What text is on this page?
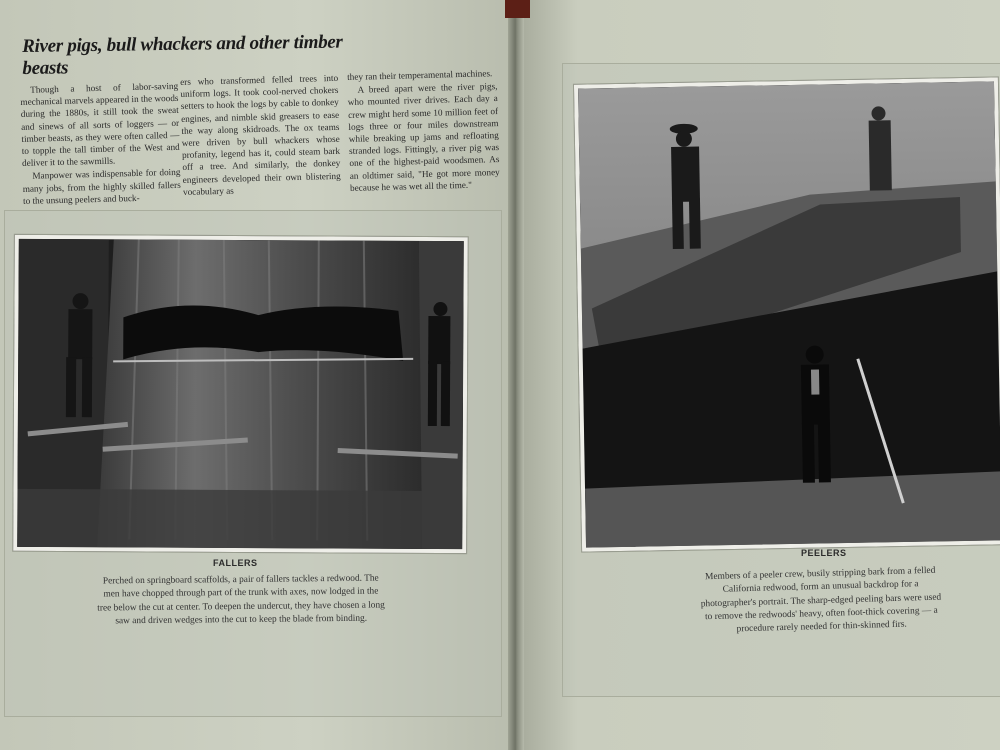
River pigs, bull whackers and other timber beasts

Though a host of labor-saving mechanical marvels appeared in the woods during the 1880s, it still took the sweat and sinews of all sorts of loggers — or timber beasts, as they were often called — to topple the tall timber of the West and deliver it to the sawmills.

Manpower was indispensable for doing many jobs, from the highly skilled fallers to the unsung peelers and buck-

ers who transformed felled trees into uniform logs. It took cool-nerved chokers setters to hook the logs by cable to donkey engines, and nimble skid greasers to ease the way along skidroads. The ox teams were driven by bull whackers whose profanity, legend has it, could steam bark off a tree. And similarly, the donkey engineers developed their own blistering vocabulary as

they ran their temperamental machines.

A breed apart were the river pigs, who mounted river drives. Each day a crew might herd some 10 million feet of logs three or four miles downstream while breaking up jams and refloating stranded logs. Fittingly, a river pig was one of the highest-paid woodsmen. As an oldtimer said, "He got more money because he was wet all the time."

FALLERS
Perched on springboard scaffolds, a pair of fallers tackles a redwood. The men have chopped through part of the trunk with axes, now lodged in the tree below the cut at center. To deepen the undercut, they have chosen a long saw and driven wedges into the cut to keep the blade from binding.
PEELERS
Members of a peeler crew, busily stripping bark from a felled California redwood, form an unusual backdrop for a photographer's portrait. The sharp-edged peeling bars were used to remove the redwoods' heavy, often foot-thick covering — a procedure rarely needed for thin-skinned firs.
